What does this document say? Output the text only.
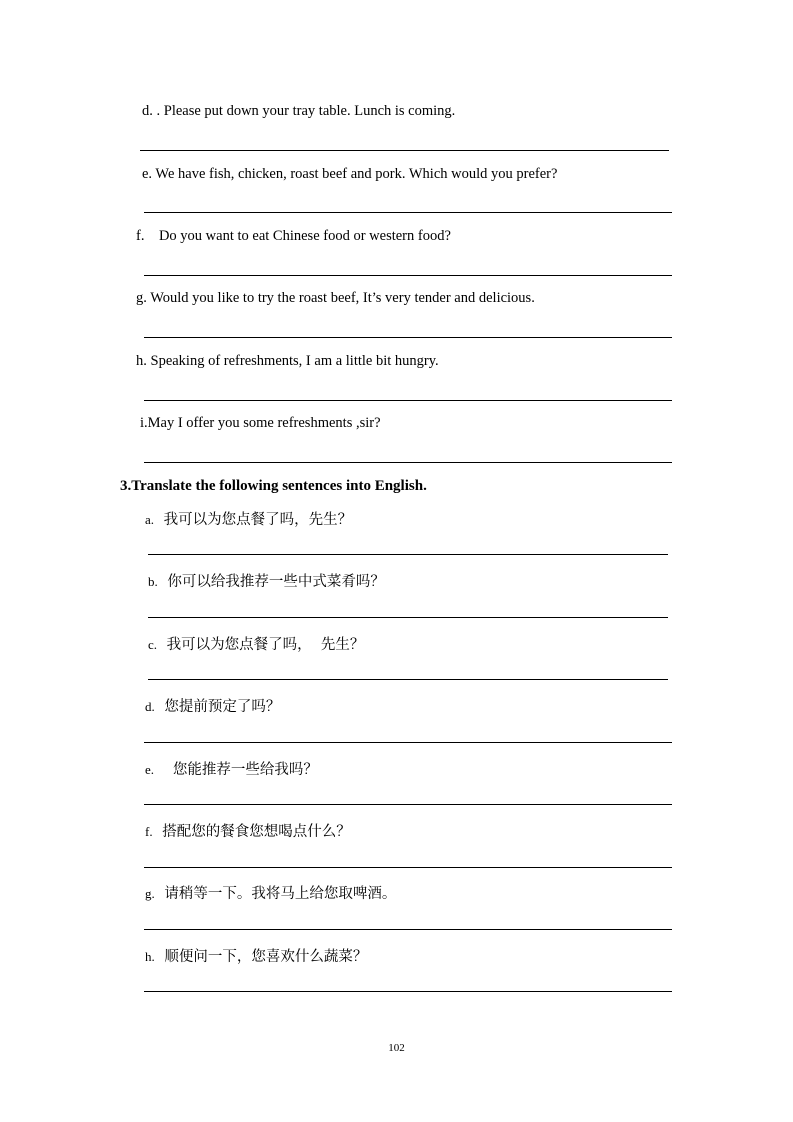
d. . Please put down your tray table. Lunch is coming.
e. We have fish, chicken, roast beef and pork. Which would you prefer?
f.    Do you want to eat Chinese food or western food?
g. Would you like to try the roast beef, It’s very tender and delicious.
h. Speaking of refreshments, I am a little bit hungry.
i.May I offer you some refreshments ,sir?
3.Translate the following sentences into English.
a. 我可以为您点餐了吗，先生？
b. 你可以给我推荐一些中式菜肴吗？
c. 我可以为您点餐了吗，  先生？
d. 您提前预定了吗？
e.   您能推荐一些给我吗？
f. 搭配您的餐食您想喝点什么？
g. 请稍等一下。我将马上给您取啤酒。
h. 顺便问一下，您喜欢什么蔬菜？
102
